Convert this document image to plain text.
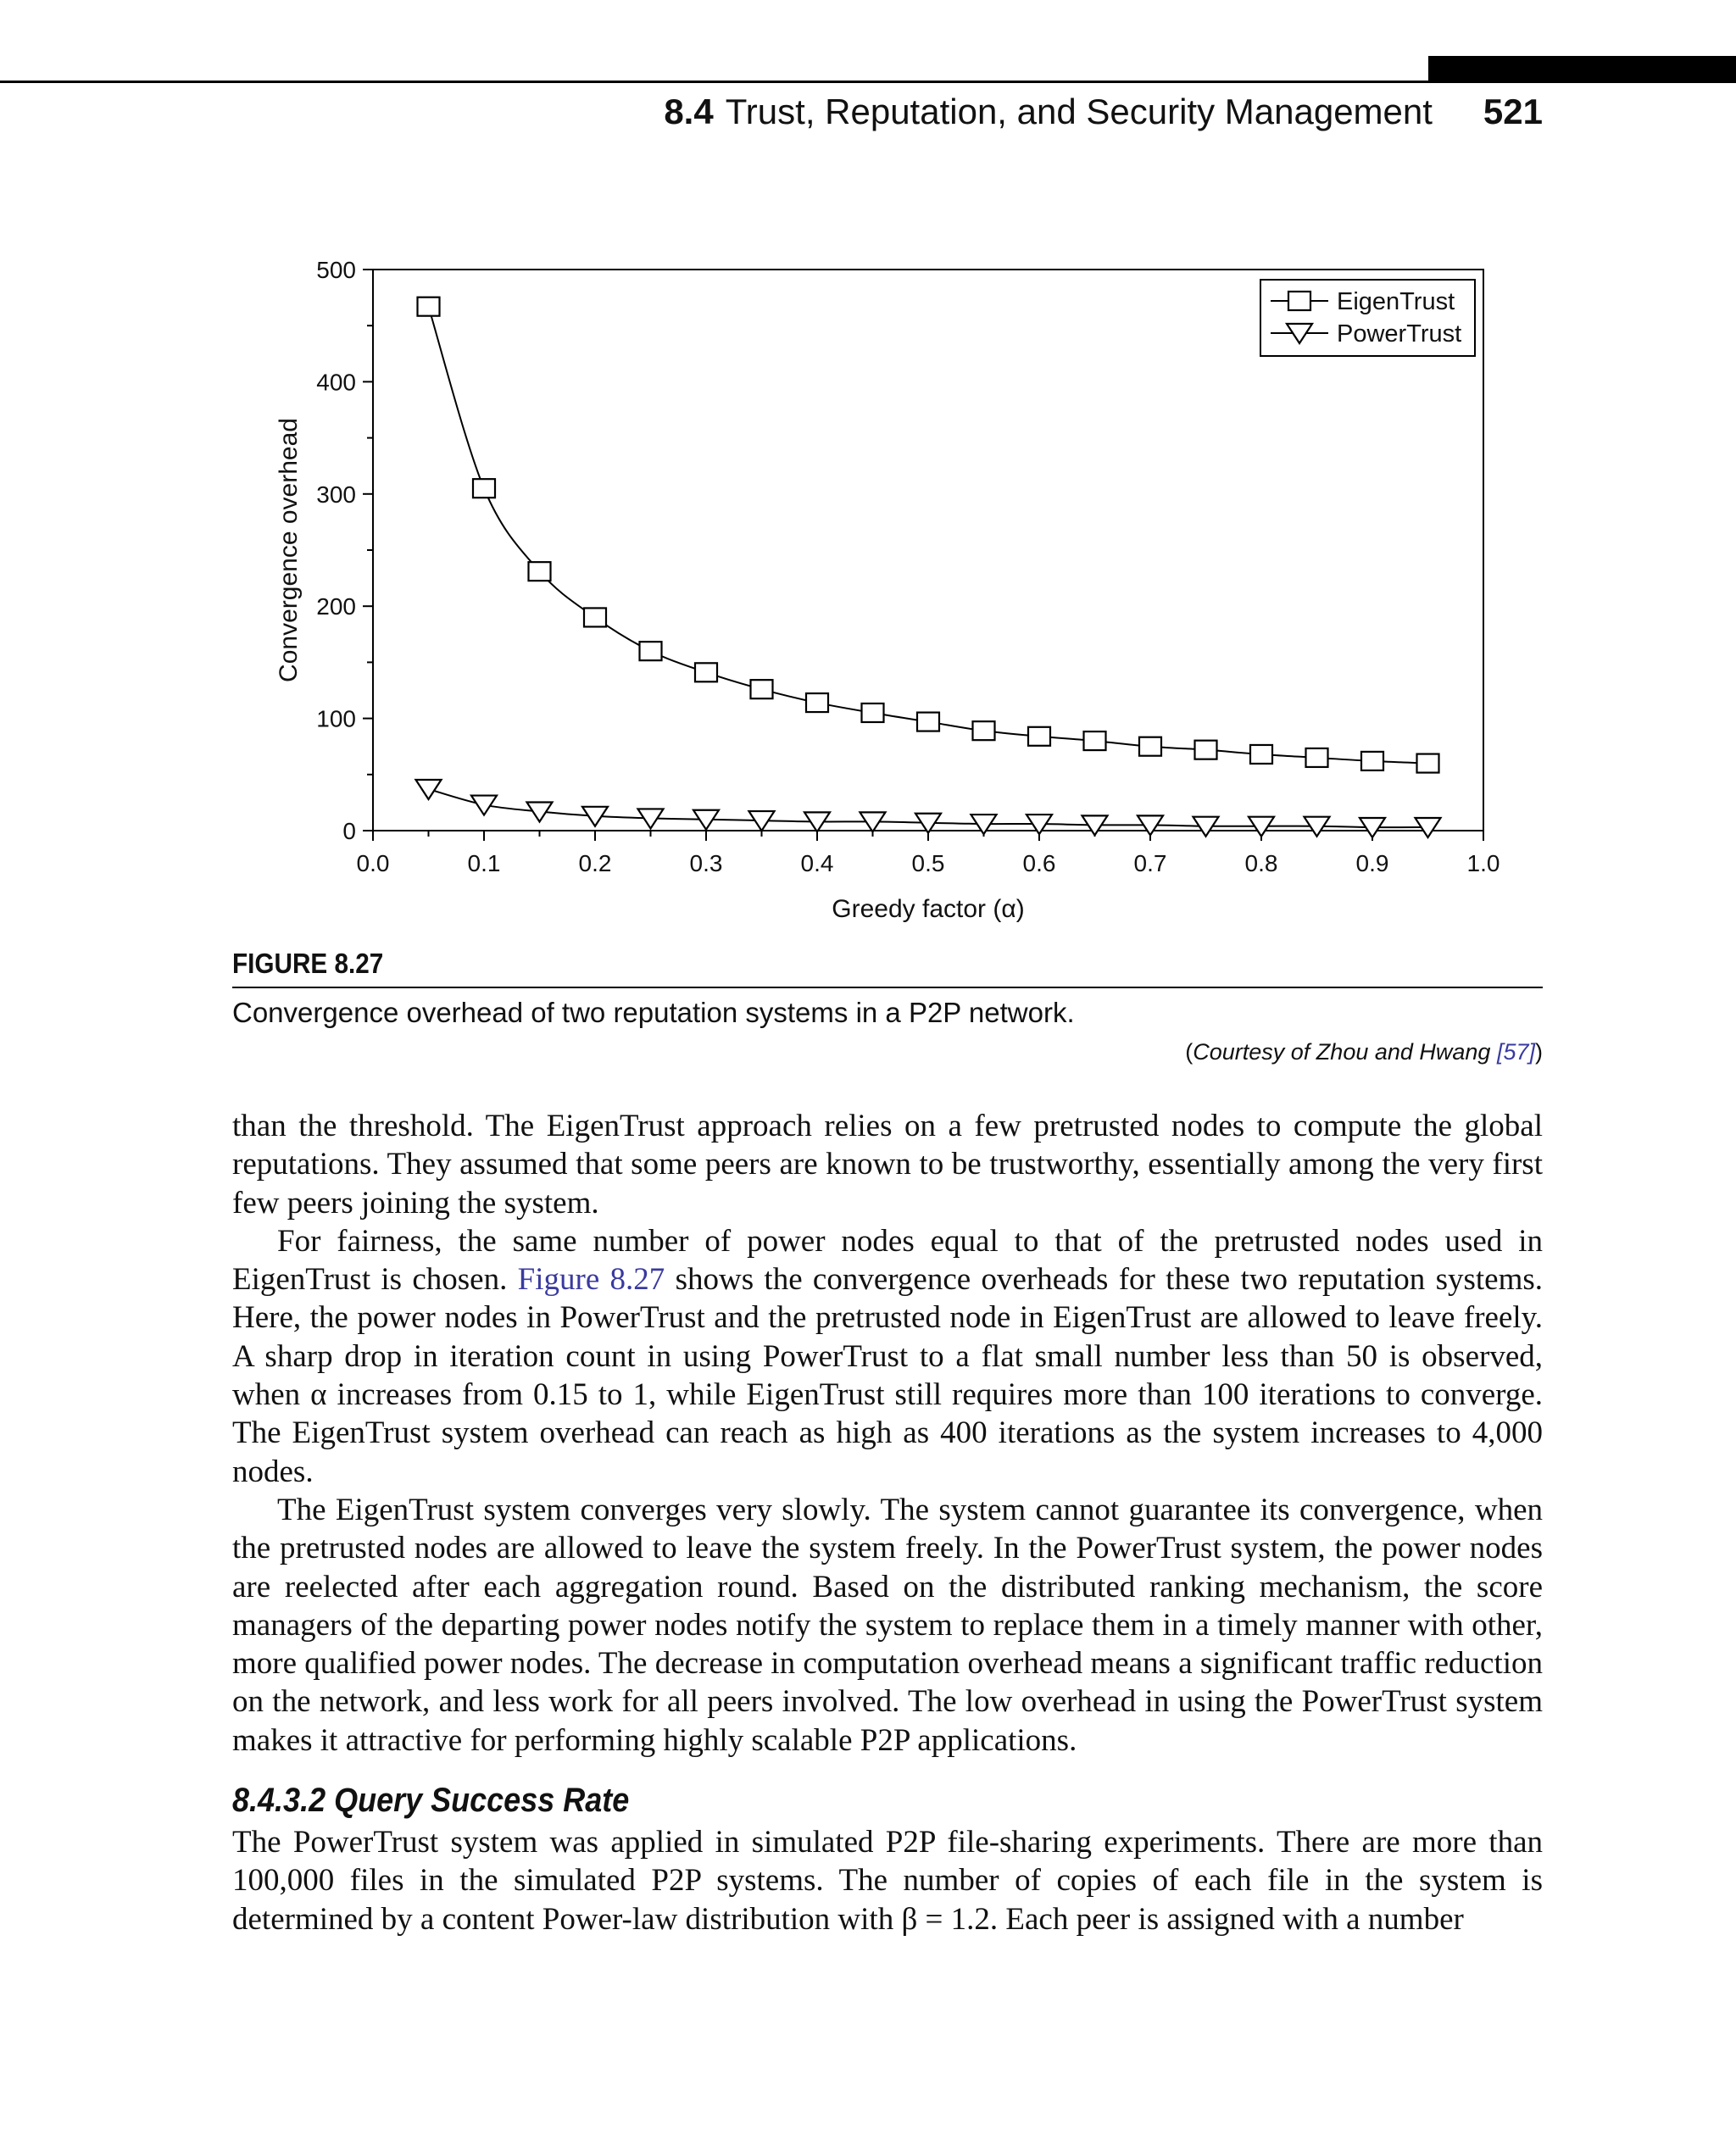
8.4 Trust, Reputation, and Security Management 521
0.0	0.1	0.2	0.3	0.4	0.5	0.6	0.7	0.8	0.9	1.0
0
100
200
300
400
500
Greedy factor (α)
Convergence overhead
EigenTrust
PowerTrust
FIGURE 8.27
Convergence overhead of two reputation systems in a P2P network.
(Courtesy of Zhou and Hwang [57])

than the threshold. The EigenTrust approach relies on a few pretrusted nodes to compute the global reputations. They assumed that some peers are known to be trustworthy, essentially among the very first few peers joining the system.

For fairness, the same number of power nodes equal to that of the pretrusted nodes used in EigenTrust is chosen. Figure 8.27 shows the convergence overheads for these two reputation systems. Here, the power nodes in PowerTrust and the pretrusted node in EigenTrust are allowed to leave freely. A sharp drop in iteration count in using PowerTrust to a flat small number less than 50 is observed, when α increases from 0.15 to 1, while EigenTrust still requires more than 100 iterations to converge. The EigenTrust system overhead can reach as high as 400 iterations as the system increases to 4,000 nodes.

The EigenTrust system converges very slowly. The system cannot guarantee its convergence, when the pretrusted nodes are allowed to leave the system freely. In the PowerTrust system, the power nodes are reelected after each aggregation round. Based on the distributed ranking mechanism, the score managers of the departing power nodes notify the system to replace them in a timely manner with other, more qualified power nodes. The decrease in computation overhead means a significant traffic reduction on the network, and less work for all peers involved. The low overhead in using the PowerTrust system makes it attractive for performing highly scalable P2P applications.

8.4.3.2 Query Success Rate

The PowerTrust system was applied in simulated P2P file-sharing experiments. There are more than 100,000 files in the simulated P2P systems. The number of copies of each file in the system is determined by a content Power-law distribution with β = 1.2. Each peer is assigned with a number
